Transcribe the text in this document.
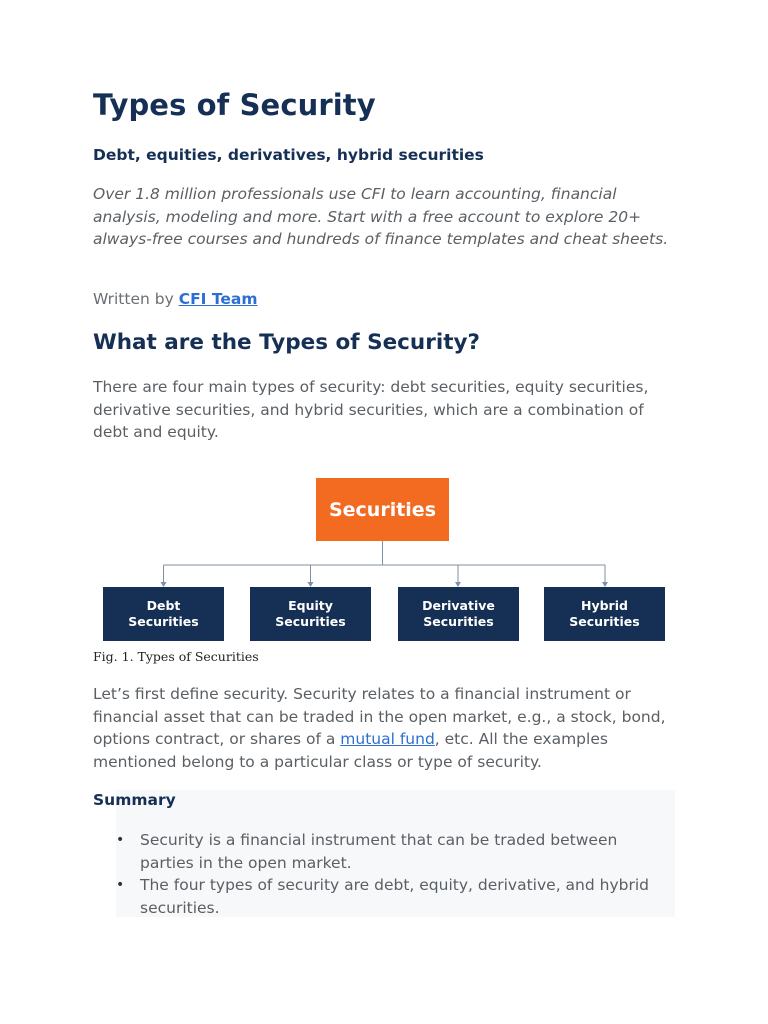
Types of Security
Debt, equities, derivatives, hybrid securities
Over 1.8 million professionals use CFI to learn accounting, financial analysis, modeling and more. Start with a free account to explore 20+ always-free courses and hundreds of finance templates and cheat sheets.
Written by CFI Team
What are the Types of Security?
There are four main types of security: debt securities, equity securities, derivative securities, and hybrid securities, which are a combination of debt and equity.
Securities
Debt
Securities
Equity
Securities
Derivative
Securities
Hybrid
Securities
Fig. 1. Types of Securities
Let’s first define security. Security relates to a financial instrument or financial asset that can be traded in the open market, e.g., a stock, bond, options contract, or shares of a mutual fund, etc. All the examples mentioned belong to a particular class or type of security.
Summary
• Security is a financial instrument that can be traded between parties in the open market.
• The four types of security are debt, equity, derivative, and hybrid securities.
